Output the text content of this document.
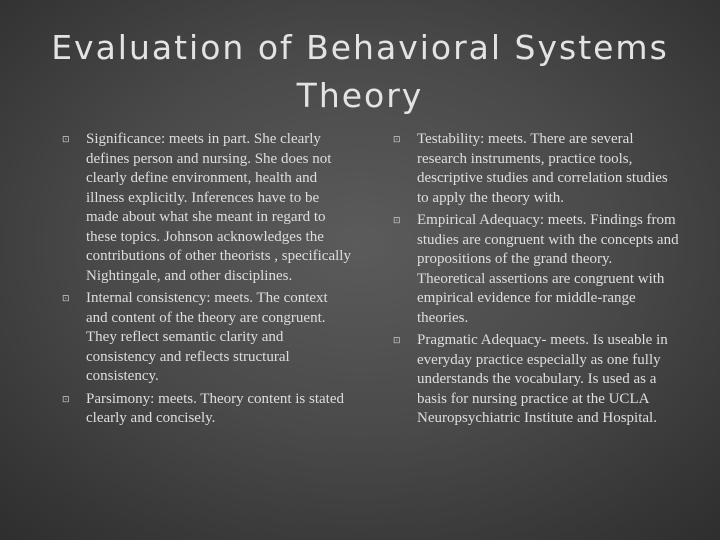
Evaluation of Behavioral Systems Theory
⊡ Significance: meets in part. She clearly defines person and nursing. She does not clearly define environment, health and illness explicitly. Inferences have to be made about what she meant in regard to these topics. Johnson acknowledges the contributions of other theorists , specifically Nightingale, and other disciplines.
⊡ Internal consistency: meets. The context and content of the theory are congruent. They reflect semantic clarity and consistency and reflects structural consistency.
⊡ Parsimony: meets. Theory content is stated clearly and concisely.
⊡ Testability: meets. There are several research instruments, practice tools, descriptive studies and correlation studies to apply the theory with.
⊡ Empirical Adequacy: meets. Findings from studies are congruent with the concepts and propositions of the grand theory. Theoretical assertions are congruent with empirical evidence for middle-range theories.
⊡ Pragmatic Adequacy- meets. Is useable in everyday practice especially as one fully understands the vocabulary. Is used as a basis for nursing practice at the UCLA Neuropsychiatric Institute and Hospital.
